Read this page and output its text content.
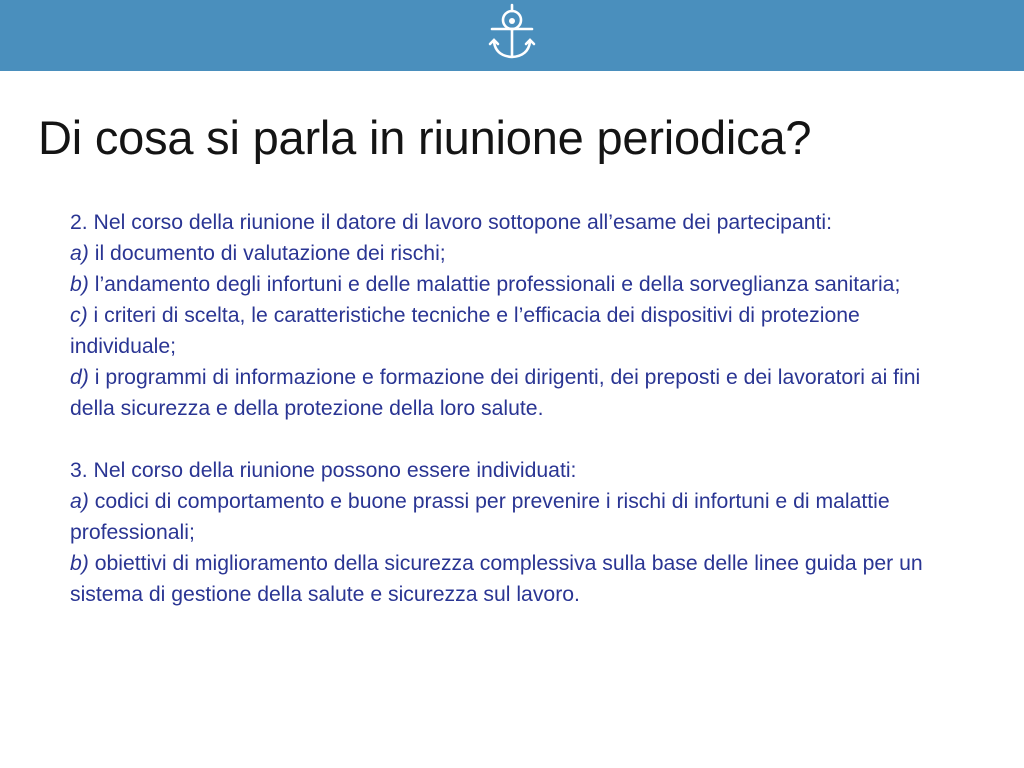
Di cosa si parla in riunione periodica?

2. Nel corso della riunione il datore di lavoro sottopone all’esame dei partecipanti:

a) il documento di valutazione dei rischi;

b) l’andamento degli infortuni e delle malattie professionali e della sorveglianza sanitaria;

c) i criteri di scelta, le caratteristiche tecniche e l’efficacia dei dispositivi di protezione individuale;

d) i programmi di informazione e formazione dei dirigenti, dei preposti e dei lavoratori ai fini della sicurezza e della protezione della loro salute.

3. Nel corso della riunione possono essere individuati:

a) codici di comportamento e buone prassi per prevenire i rischi di infortuni e di malattie professionali;

b) obiettivi di miglioramento della sicurezza complessiva sulla base delle linee guida per un sistema di gestione della salute e sicurezza sul lavoro.
